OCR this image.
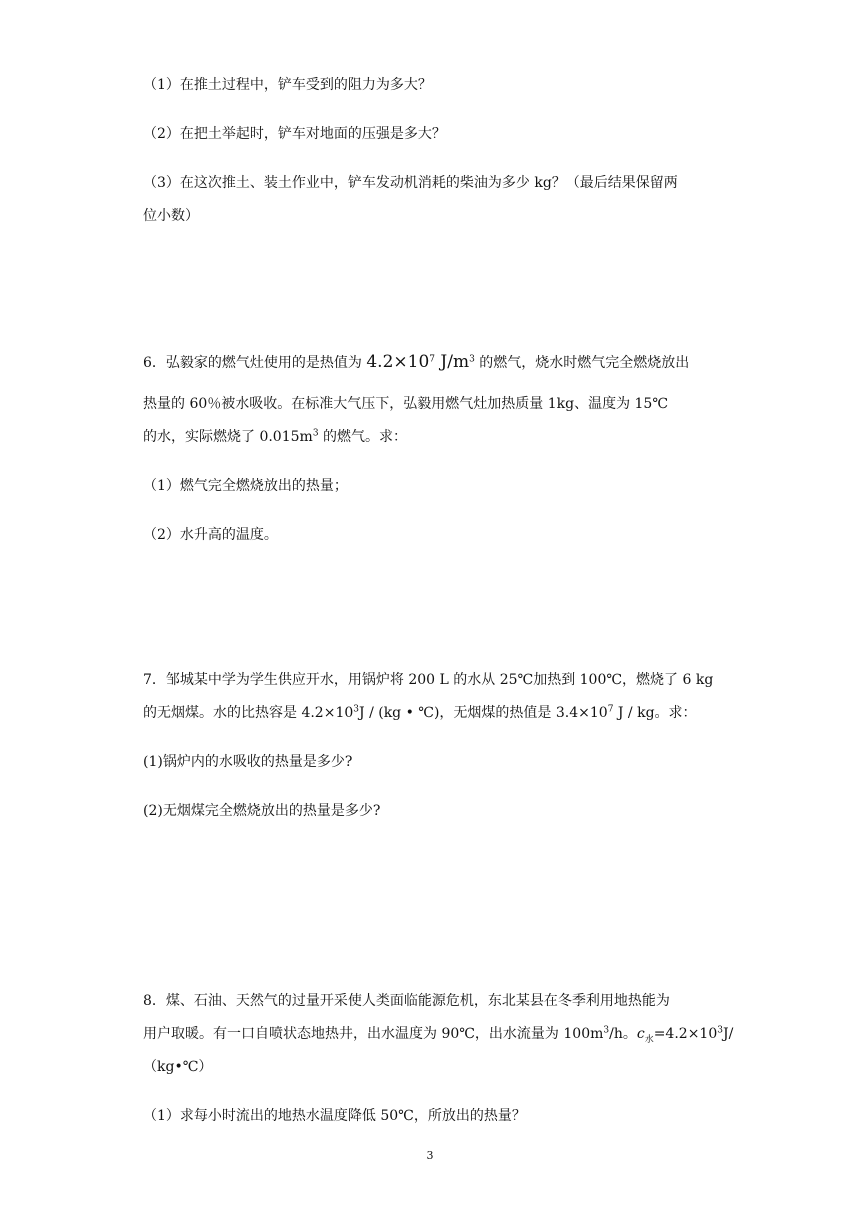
（1）在推土过程中，铲车受到的阻力为多大？
（2）在把土举起时，铲车对地面的压强是多大？
（3）在这次推土、装土作业中，铲车发动机消耗的柴油为多少 kg？（最后结果保留两
位小数）
6．弘毅家的燃气灶使用的是热值为 $4.2\times 10^7$ $J/m^3$ 的燃气，烧水时燃气完全燃烧放出
热量的 60％被水吸收。在标准大气压下，弘毅用燃气灶加热质量 1kg、温度为 15℃
的水，实际燃烧了 $0.015m^3$ 的燃气。求：
（1）燃气完全燃烧放出的热量；
（2）水升高的温度。
7．邹城某中学为学生供应开水，用锅炉将 200 L 的水从 25℃加热到 100℃，燃烧了 6 kg
的无烟煤。水的比热容是 $4.2\times 10^3J / (kg$ • ℃)，无烟煤的热值是 $3.4\times 10^7$ J / kg。求：
(1)锅炉内的水吸收的热量是多少?
(2)无烟煤完全燃烧放出的热量是多少?
8．煤、石油、天然气的过量开采使人类面临能源危机，东北某县在冬季利用地热能为
用户取暖。有一口自喷状态地热井，出水温度为 90℃，出水流量为 $100m^3/h$。$c_水=4.2\times 10^3J/$
（kg•℃）
（1）求每小时流出的地热水温度降低 50℃，所放出的热量？
3
